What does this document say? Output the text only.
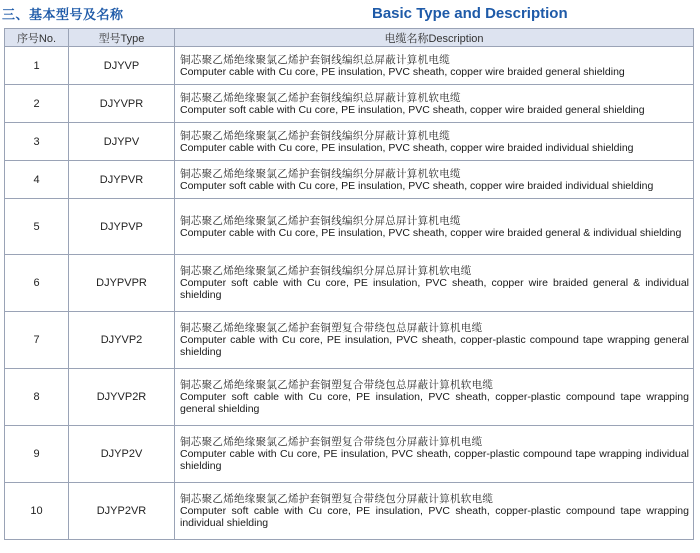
三、基本型号及名称	Basic Type and Description
序号No.	型号Type	电缆名称Description
1	DJYVP	铜芯聚乙烯绝缘聚氯乙烯护套铜线编织总屏蔽计算机电缆
Computer cable with Cu core, PE insulation, PVC sheath, copper wire braided general shielding

2	DJYVPR	铜芯聚乙烯绝缘聚氯乙烯护套铜线编织总屏蔽计算机软电缆
Computer soft cable with Cu core, PE insulation, PVC sheath, copper wire braided general shielding

3	DJYPV	铜芯聚乙烯绝缘聚氯乙烯护套铜线编织分屏蔽计算机电缆
Computer cable with Cu core, PE insulation, PVC sheath, copper wire braided individual shielding

4	DJYPVR	铜芯聚乙烯绝缘聚氯乙烯护套铜线编织分屏蔽计算机软电缆
Computer soft cable with Cu core, PE insulation, PVC sheath, copper wire braided individual shielding

5	DJYPVP	铜芯聚乙烯绝缘聚氯乙烯护套铜线编织分屏总屏计算机电缆
Computer cable with Cu core, PE insulation, PVC sheath, copper wire braided general & individual shielding

6	DJYPVPR	铜芯聚乙烯绝缘聚氯乙烯护套铜线编织分屏总屏计算机软电缆
Computer soft cable with Cu core, PE insulation, PVC sheath, copper wire braided general & individual shielding

7	DJYVP2	铜芯聚乙烯绝缘聚氯乙烯护套铜塑复合带绕包总屏蔽计算机电缆
Computer cable with Cu core, PE insulation, PVC sheath, copper-plastic compound tape wrapping general shielding

8	DJYVP2R	铜芯聚乙烯绝缘聚氯乙烯护套铜塑复合带绕包总屏蔽计算机软电缆
Computer soft cable with Cu core, PE insulation, PVC sheath, copper-plastic compound tape wrapping general shielding

9	DJYP2V	铜芯聚乙烯绝缘聚氯乙烯护套铜塑复合带绕包分屏蔽计算机电缆
Computer cable with Cu core, PE insulation, PVC sheath, copper-plastic compound tape wrapping individual shielding

10	DJYP2VR	铜芯聚乙烯绝缘聚氯乙烯护套铜塑复合带绕包分屏蔽计算机软电缆
Computer soft cable with Cu core, PE insulation, PVC sheath, copper-plastic compound tape wrapping individual shielding
